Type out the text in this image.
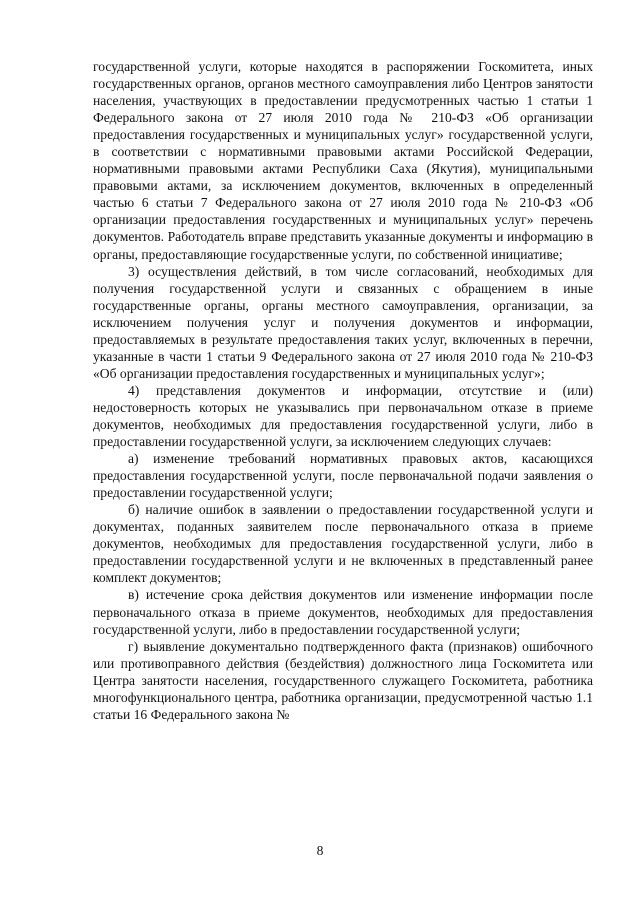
государственной услуги, которые находятся в распоряжении Госкомитета, иных государственных органов, органов местного самоуправления либо Центров занятости населения, участвующих в предоставлении предусмотренных частью 1 статьи 1 Федерального закона от 27 июля 2010 года № 210-ФЗ «Об организации предоставления государственных и муниципальных услуг» государственной услуги, в соответствии с нормативными правовыми актами Российской Федерации, нормативными правовыми актами Республики Саха (Якутия), муниципальными правовыми актами, за исключением документов, включенных в определенный частью 6 статьи 7 Федерального закона от 27 июля 2010 года № 210-ФЗ «Об организации предоставления государственных и муниципальных услуг» перечень документов. Работодатель вправе представить указанные документы и информацию в органы, предоставляющие государственные услуги, по собственной инициативе;

3) осуществления действий, в том числе согласований, необходимых для получения государственной услуги и связанных с обращением в иные государственные органы, органы местного самоуправления, организации, за исключением получения услуг и получения документов и информации, предоставляемых в результате предоставления таких услуг, включенных в перечни, указанные в части 1 статьи 9 Федерального закона от 27 июля 2010 года № 210-ФЗ «Об организации предоставления государственных и муниципальных услуг»;

4) представления документов и информации, отсутствие и (или) недостоверность которых не указывались при первоначальном отказе в приеме документов, необходимых для предоставления государственной услуги, либо в предоставлении государственной услуги, за исключением следующих случаев:

а) изменение требований нормативных правовых актов, касающихся предоставления государственной услуги, после первоначальной подачи заявления о предоставлении государственной услуги;

б) наличие ошибок в заявлении о предоставлении государственной услуги и документах, поданных заявителем после первоначального отказа в приеме документов, необходимых для предоставления государственной услуги, либо в предоставлении государственной услуги и не включенных в представленный ранее комплект документов;

в) истечение срока действия документов или изменение информации после первоначального отказа в приеме документов, необходимых для предоставления государственной услуги, либо в предоставлении государственной услуги;

г) выявление документально подтвержденного факта (признаков) ошибочного или противоправного действия (бездействия) должностного лица Госкомитета или Центра занятости населения, государственного служащего Госкомитета, работника многофункционального центра, работника организации, предусмотренной частью 1.1 статьи 16 Федерального закона №

8
